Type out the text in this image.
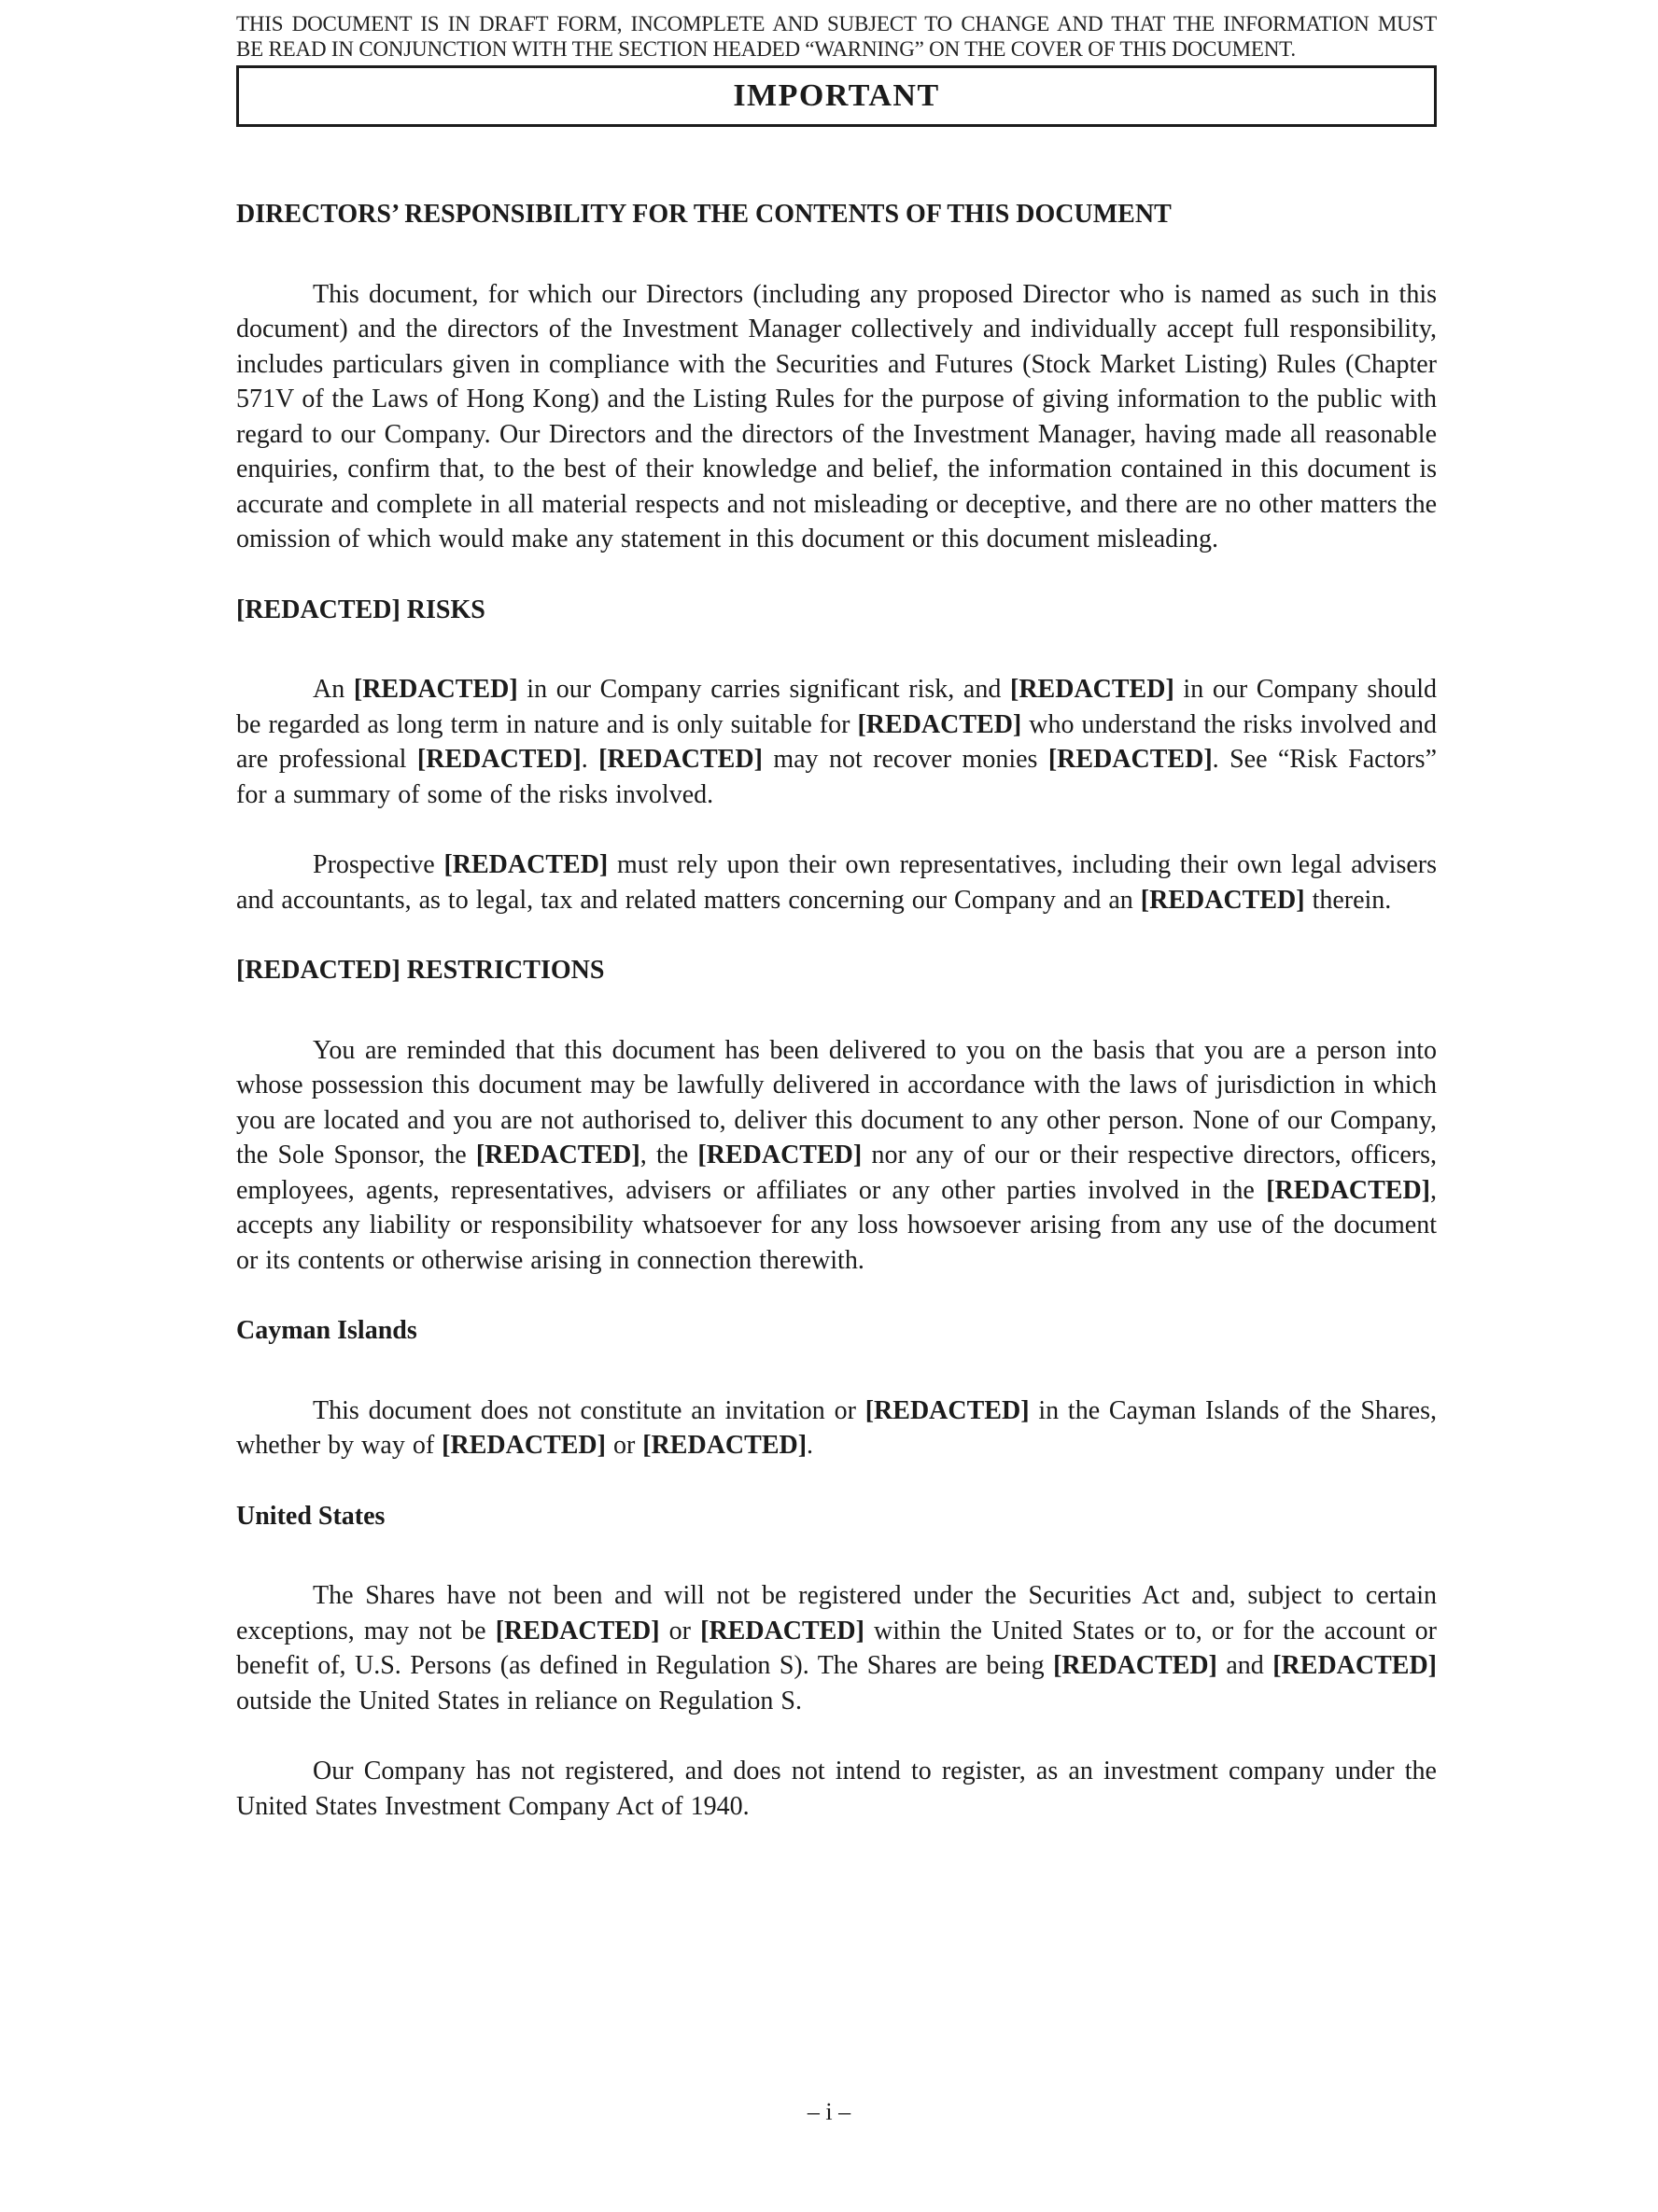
THIS DOCUMENT IS IN DRAFT FORM, INCOMPLETE AND SUBJECT TO CHANGE AND THAT THE INFORMATION MUST
BE READ IN CONJUNCTION WITH THE SECTION HEADED “WARNING” ON THE COVER OF THIS DOCUMENT.
IMPORTANT
DIRECTORS’ RESPONSIBILITY FOR THE CONTENTS OF THIS DOCUMENT

This document, for which our Directors (including any proposed Director who is named as such in this document) and the directors of the Investment Manager collectively and individually accept full responsibility, includes particulars given in compliance with the Securities and Futures (Stock Market Listing) Rules (Chapter 571V of the Laws of Hong Kong) and the Listing Rules for the purpose of giving information to the public with regard to our Company. Our Directors and the directors of the Investment Manager, having made all reasonable enquiries, confirm that, to the best of their knowledge and belief, the information contained in this document is accurate and complete in all material respects and not misleading or deceptive, and there are no other matters the omission of which would make any statement in this document or this document misleading.

[REDACTED] RISKS

An [REDACTED] in our Company carries significant risk, and [REDACTED] in our Company should be regarded as long term in nature and is only suitable for [REDACTED] who understand the risks involved and are professional [REDACTED]. [REDACTED] may not recover monies [REDACTED]. See “Risk Factors” for a summary of some of the risks involved.

Prospective [REDACTED] must rely upon their own representatives, including their own legal advisers and accountants, as to legal, tax and related matters concerning our Company and an [REDACTED] therein.

[REDACTED] RESTRICTIONS

You are reminded that this document has been delivered to you on the basis that you are a person into whose possession this document may be lawfully delivered in accordance with the laws of jurisdiction in which you are located and you are not authorised to, deliver this document to any other person. None of our Company, the Sole Sponsor, the [REDACTED], the [REDACTED] nor any of our or their respective directors, officers, employees, agents, representatives, advisers or affiliates or any other parties involved in the [REDACTED], accepts any liability or responsibility whatsoever for any loss howsoever arising from any use of the document or its contents or otherwise arising in connection therewith.

Cayman Islands

This document does not constitute an invitation or [REDACTED] in the Cayman Islands of the Shares, whether by way of [REDACTED] or [REDACTED].

United States

The Shares have not been and will not be registered under the Securities Act and, subject to certain exceptions, may not be [REDACTED] or [REDACTED] within the United States or to, or for the account or benefit of, U.S. Persons (as defined in Regulation S). The Shares are being [REDACTED] and [REDACTED] outside the United States in reliance on Regulation S.

Our Company has not registered, and does not intend to register, as an investment company under the United States Investment Company Act of 1940.

– i –
